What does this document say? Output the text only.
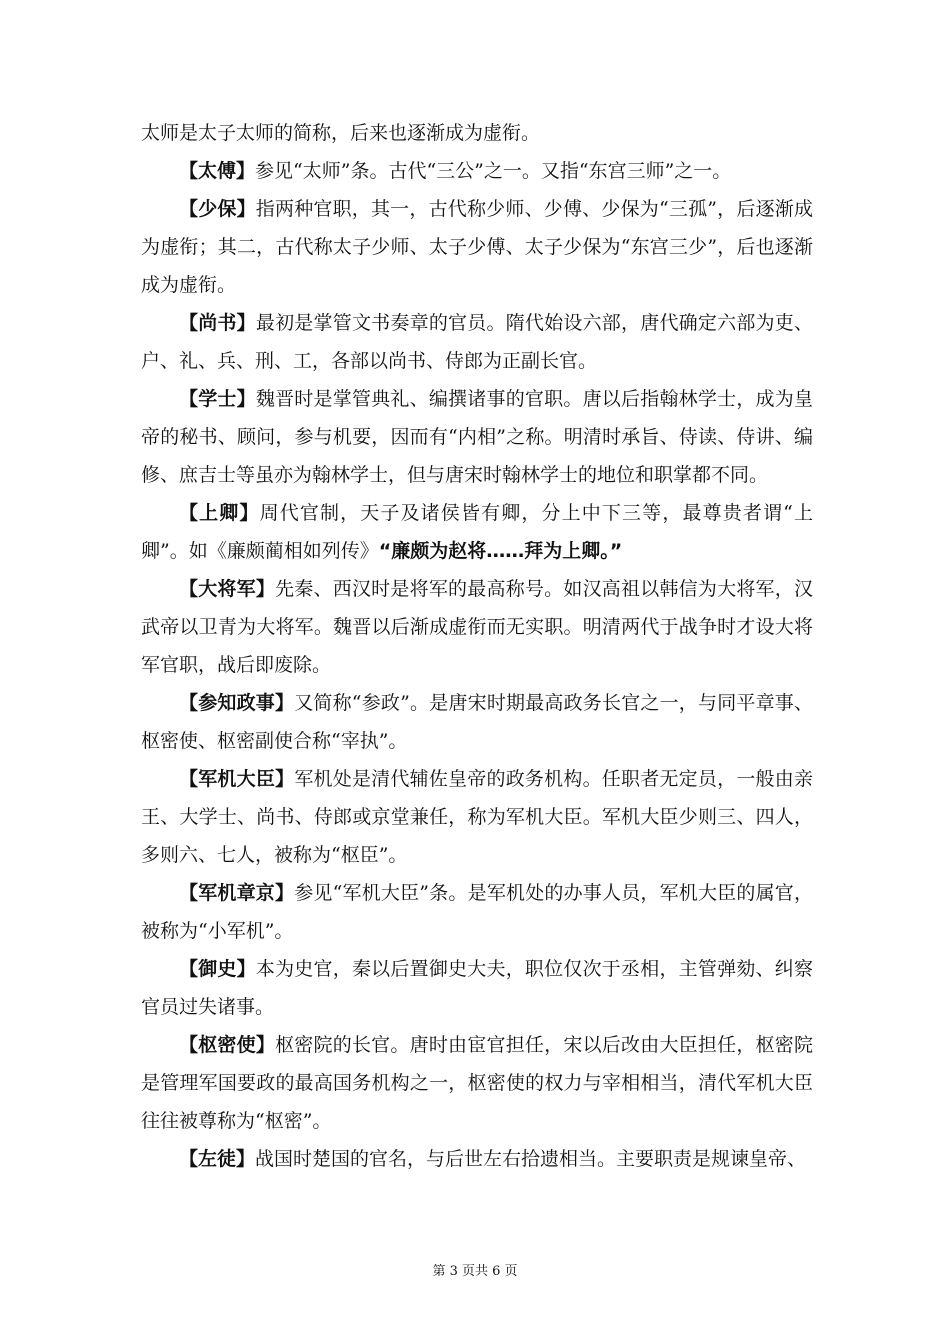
太师是太子太师的简称，后来也逐渐成为虚衔。

【太傅】参见“太师”条。古代“三公”之一。又指“东宫三师”之一。

【少保】指两种官职，其一，古代称少师、少傅、少保为“三孤”，后逐渐成为虚衔；其二，古代称太子少师、太子少傅、太子少保为“东宫三少”，后也逐渐成为虚衔。

【尚书】最初是掌管文书奏章的官员。隋代始设六部，唐代确定六部为吏、户、礼、兵、刑、工，各部以尚书、侍郎为正副长官。

【学士】魏晋时是掌管典礼、编撰诸事的官职。唐以后指翰林学士，成为皇帝的秘书、顾问，参与机要，因而有“内相”之称。明清时承旨、侍读、侍讲、编修、庶吉士等虽亦为翰林学士，但与唐宋时翰林学士的地位和职掌都不同。

【上卿】周代官制，天子及诸侯皆有卿，分上中下三等，最尊贵者谓“上卿”。如《廉颇蔺相如列传》“廉颇为赵将……拜为上卿。”

【大将军】先秦、西汉时是将军的最高称号。如汉高祖以韩信为大将军，汉武帝以卫青为大将军。魏晋以后渐成虚衔而无实职。明清两代于战争时才设大将军官职，战后即废除。

【参知政事】又简称“参政”。是唐宋时期最高政务长官之一，与同平章事、枢密使、枢密副使合称“宰执”。

【军机大臣】军机处是清代辅佐皇帝的政务机构。任职者无定员，一般由亲王、大学士、尚书、侍郎或京堂兼任，称为军机大臣。军机大臣少则三、四人，多则六、七人，被称为“枢臣”。

【军机章京】参见“军机大臣”条。是军机处的办事人员，军机大臣的属官，被称为“小军机”。

【御史】本为史官，秦以后置御史大夫，职位仅次于丞相，主管弹劾、纠察官员过失诸事。

【枢密使】枢密院的长官。唐时由宦官担任，宋以后改由大臣担任，枢密院是管理军国要政的最高国务机构之一，枢密使的权力与宰相相当，清代军机大臣往往被尊称为“枢密”。

【左徒】战国时楚国的官名，与后世左右拾遗相当。主要职责是规谏皇帝、

第 3 页共 6 页
